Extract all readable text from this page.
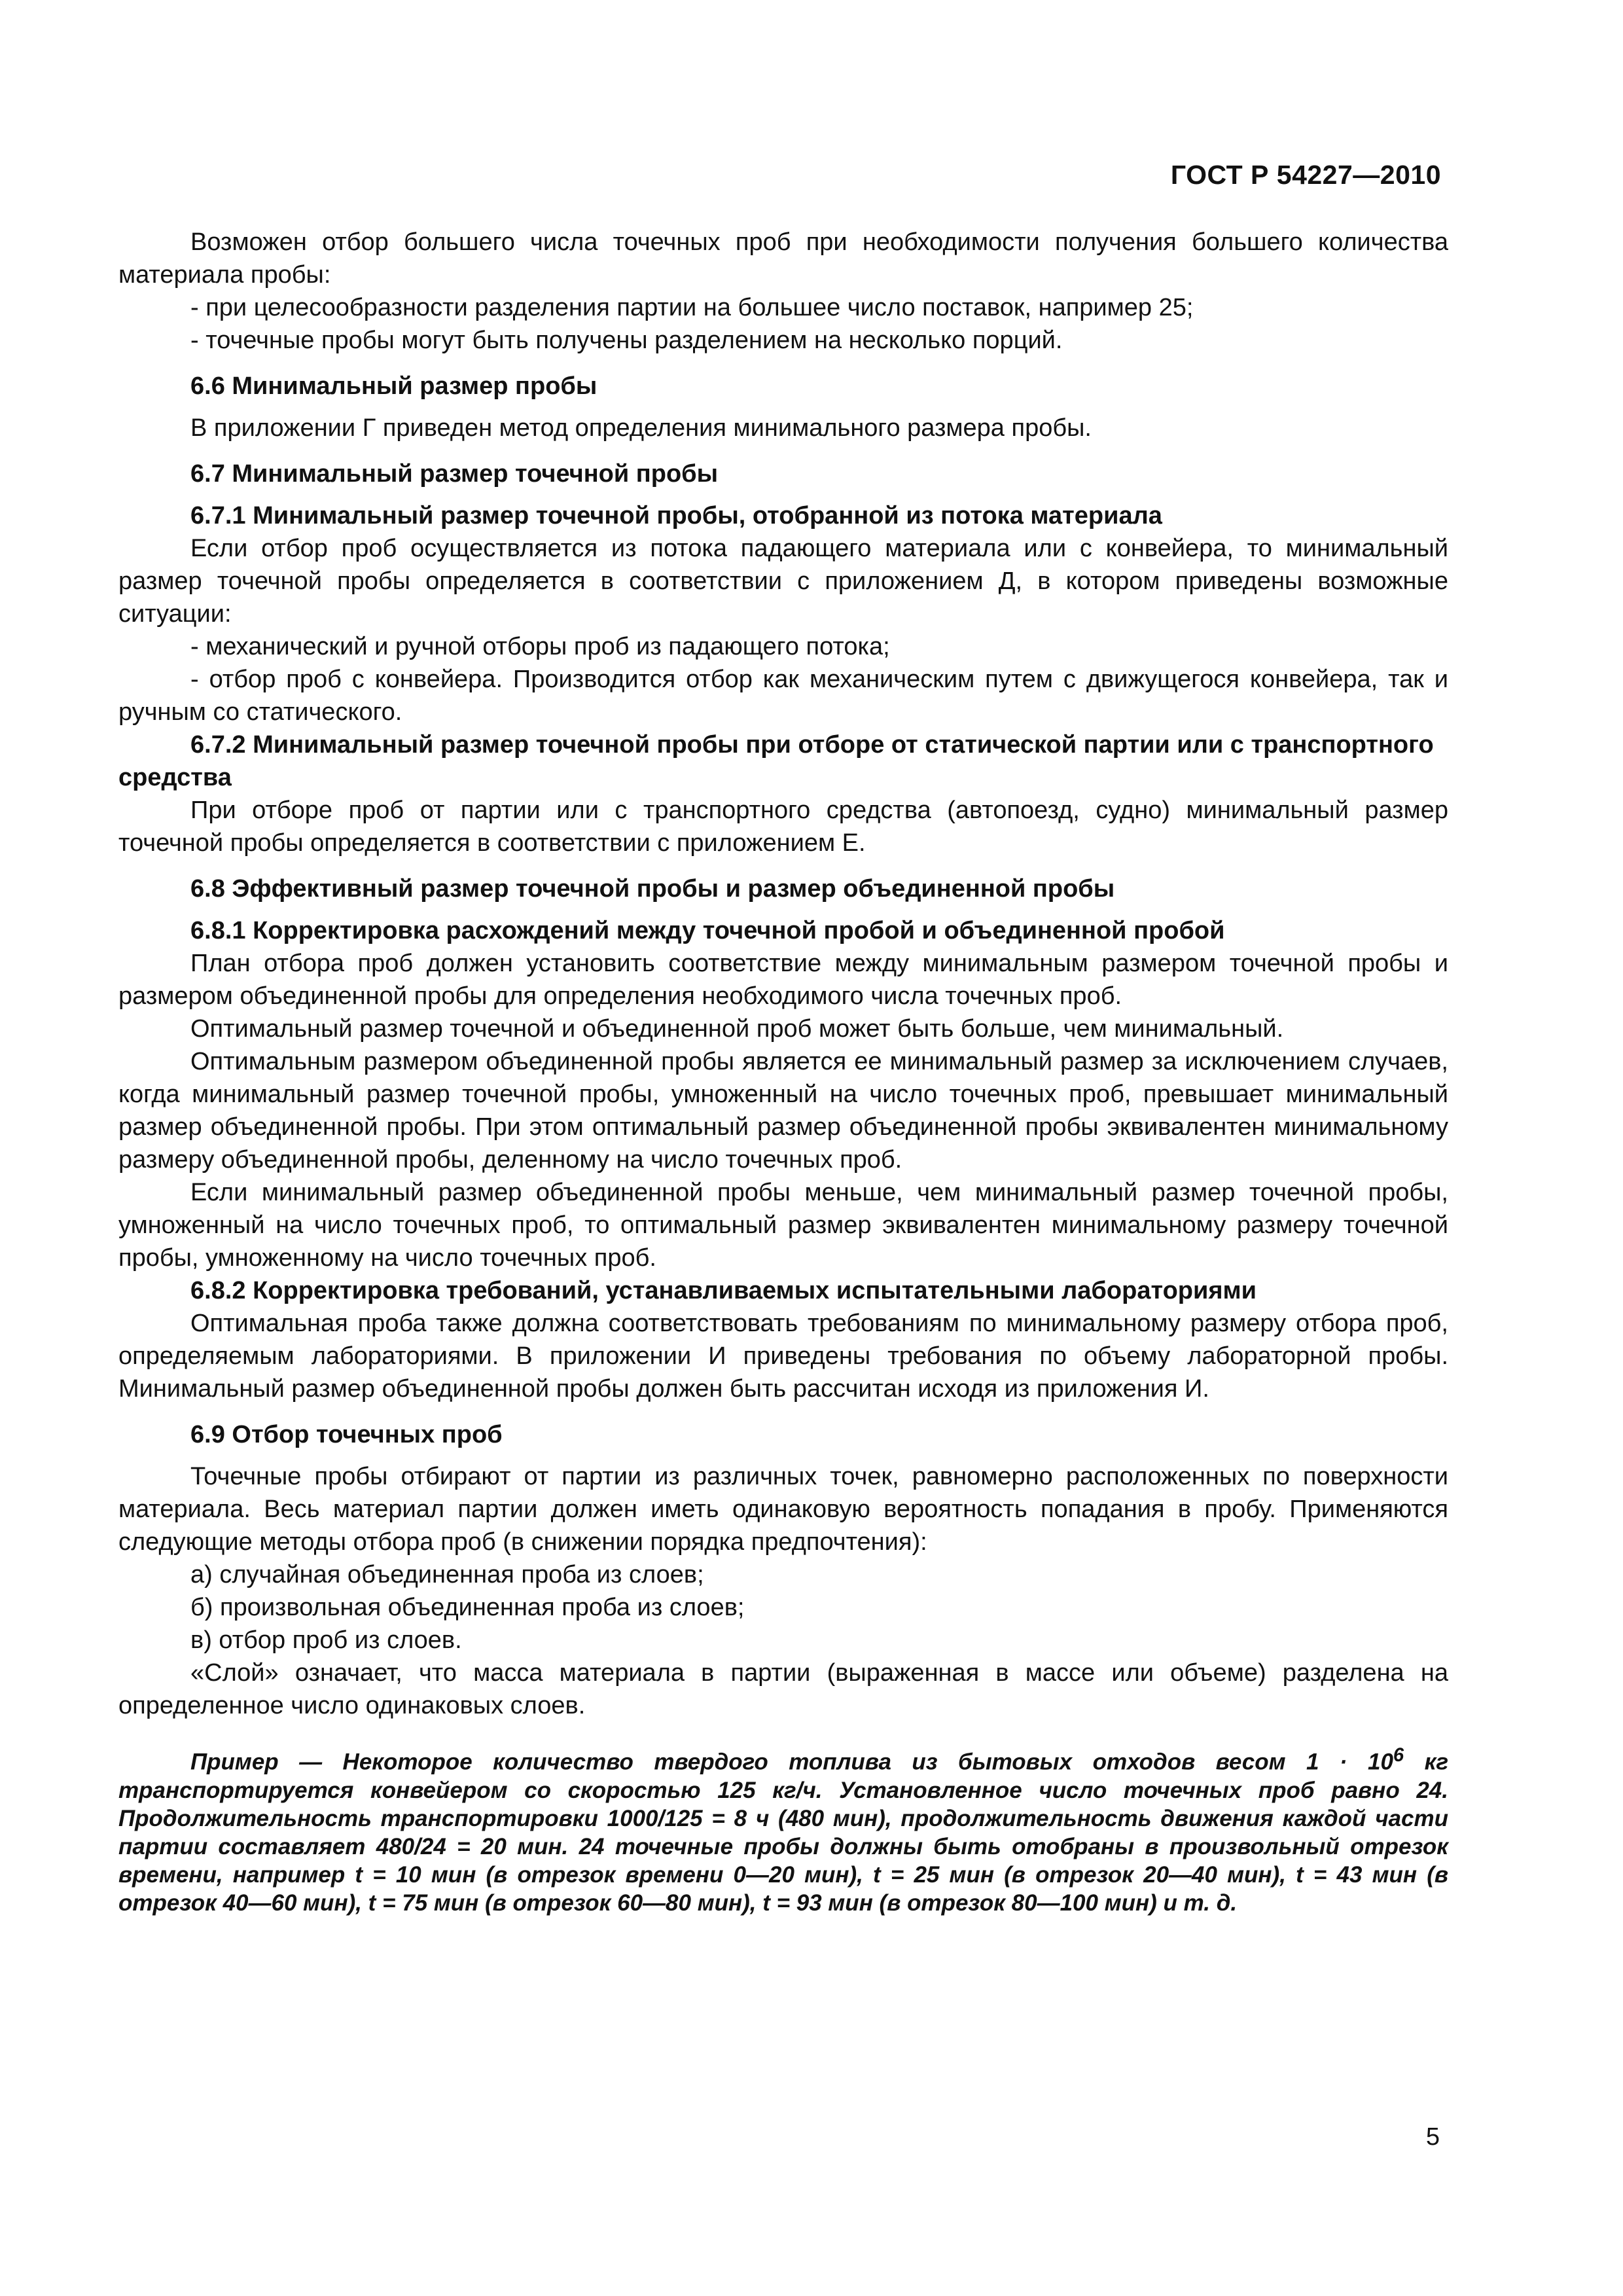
ГОСТ Р 54227—2010

Возможен отбор большего числа точечных проб при необходимости получения большего количества материала пробы:

- при целесообразности разделения партии на большее число поставок, например 25;

- точечные пробы могут быть получены разделением на несколько порций.

6.6 Минимальный размер пробы

В приложении Г приведен метод определения минимального размера пробы.

6.7 Минимальный размер точечной пробы

6.7.1 Минимальный размер точечной пробы, отобранной из потока материала

Если отбор проб осуществляется из потока падающего материала или с конвейера, то минимальный размер точечной пробы определяется в соответствии с приложением Д, в котором приведены возможные ситуации:

- механический и ручной отборы проб из падающего потока;

- отбор проб с конвейера. Производится отбор как механическим путем с движущегося конвейера, так и ручным со статического.

6.7.2 Минимальный размер точечной пробы при отборе от статической партии или с транспортного средства

При отборе проб от партии или с транспортного средства (автопоезд, судно) минимальный размер точечной пробы определяется в соответствии с приложением Е.

6.8 Эффективный размер точечной пробы и размер объединенной пробы

6.8.1 Корректировка расхождений между точечной пробой и объединенной пробой

План отбора проб должен установить соответствие между минимальным размером точечной пробы и размером объединенной пробы для определения необходимого числа точечных проб.

Оптимальный размер точечной и объединенной проб может быть больше, чем минимальный.

Оптимальным размером объединенной пробы является ее минимальный размер за исключением случаев, когда минимальный размер точечной пробы, умноженный на число точечных проб, превышает минимальный размер объединенной пробы. При этом оптимальный размер объединенной пробы эквивалентен минимальному размеру объединенной пробы, деленному на число точечных проб.

Если минимальный размер объединенной пробы меньше, чем минимальный размер точечной пробы, умноженный на число точечных проб, то оптимальный размер эквивалентен минимальному размеру точечной пробы, умноженному на число точечных проб.

6.8.2 Корректировка требований, устанавливаемых испытательными лабораториями

Оптимальная проба также должна соответствовать требованиям по минимальному размеру отбора проб, определяемым лабораториями. В приложении И приведены требования по объему лабораторной пробы. Минимальный размер объединенной пробы должен быть рассчитан исходя из приложения И.

6.9 Отбор точечных проб

Точечные пробы отбирают от партии из различных точек, равномерно расположенных по поверхности материала. Весь материал партии должен иметь одинаковую вероятность попадания в пробу. Применяются следующие методы отбора проб (в снижении порядка предпочтения):

а) случайная объединенная проба из слоев;

б) произвольная объединенная проба из слоев;

в) отбор проб из слоев.

«Слой» означает, что масса материала в партии (выраженная в массе или объеме) разделена на определенное число одинаковых слоев.

Пример — Некоторое количество твердого топлива из бытовых отходов весом $1 \cdot 10^6$ кг транспортируется конвейером со скоростью 125 кг/ч. Установленное число точечных проб равно 24. Продолжительность транспортировки 1000/125 = 8 ч (480 мин), продолжительность движения каждой части партии составляет 480/24 = 20 мин. 24 точечные пробы должны быть отобраны в произвольный отрезок времени, например t = 10 мин (в отрезок времени 0—20 мин), t = 25 мин (в отрезок 20—40 мин), t = 43 мин (в отрезок 40—60 мин), t = 75 мин (в отрезок 60—80 мин), t = 93 мин (в отрезок 80—100 мин) и т. д.

5
